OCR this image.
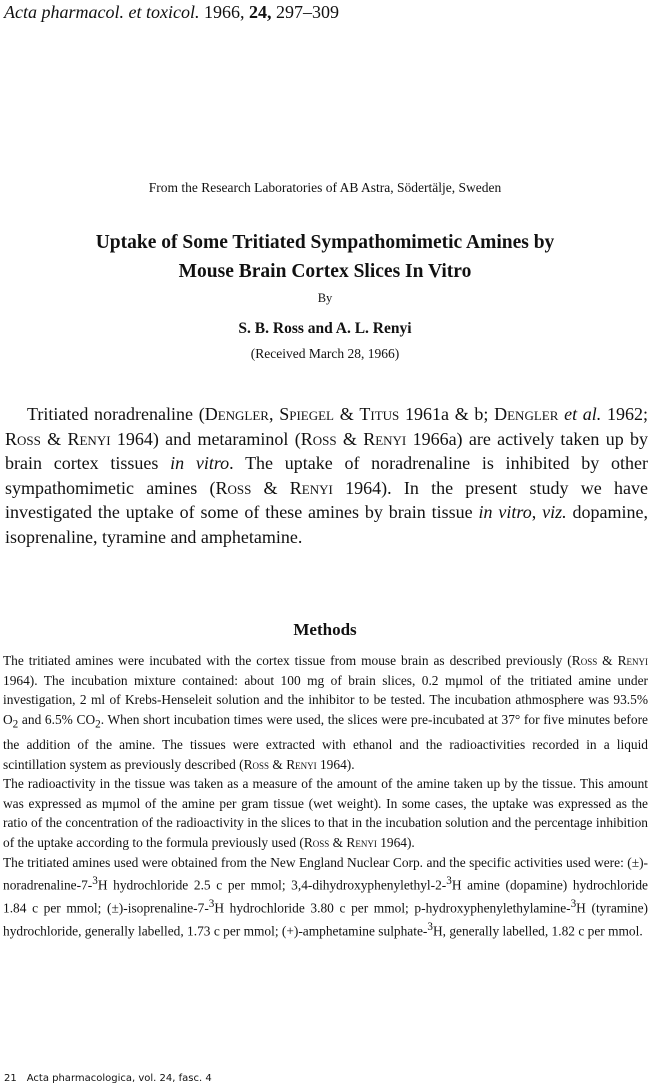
Acta pharmacol. et toxicol. 1966, 24, 297–309
From the Research Laboratories of AB Astra, Södertälje, Sweden
Uptake of Some Tritiated Sympathomimetic Amines by
Mouse Brain Cortex Slices In Vitro
By
S. B. Ross and A. L. Renyi
(Received March 28, 1966)

Tritiated noradrenaline (Dengler, Spiegel & Titus 1961a & b; Dengler et al. 1962; Ross & Renyi 1964) and metaraminol (Ross & Renyi 1966a) are actively taken up by brain cortex tissues in vitro. The uptake of noradrenaline is inhibited by other sympathomimetic amines (Ross & Renyi 1964). In the present study we have investigated the uptake of some of these amines by brain tissue in vitro, viz. dopamine, isoprenaline, tyramine and amphetamine.

Methods

The tritiated amines were incubated with the cortex tissue from mouse brain as described previously (Ross & Renyi 1964). The incubation mixture contained: about 100 mg of brain slices, 0.2 mμmol of the tritiated amine under investigation, 2 ml of Krebs-Henseleit solution and the inhibitor to be tested. The incubation athmosphere was 93.5% $O_2$ and 6.5% $CO_2$. When short incubation times were used, the slices were pre-incubated at 37° for five minutes before the addition of the amine. The tissues were extracted with ethanol and the radioactivities recorded in a liquid scintillation system as previously described (Ross & Renyi 1964).

The radioactivity in the tissue was taken as a measure of the amount of the amine taken up by the tissue. This amount was expressed as mμmol of the amine per gram tissue (wet weight). In some cases, the uptake was expressed as the ratio of the concentration of the radioactivity in the slices to that in the incubation solution and the percentage inhibition of the uptake according to the formula previously used (Ross & Renyi 1964).

The tritiated amines used were obtained from the New England Nuclear Corp. and the specific activities used were: (±)-noradrenaline-7-$^3$H hydrochloride 2.5 c per mmol; 3,4-dihydroxyphenylethyl-2-$^3$H amine (dopamine) hydrochloride 1.84 c per mmol; (±)-isoprenaline-7-$^3$H hydrochloride 3.80 c per mmol; p-hydroxyphenylethylamine-$^3$H (tyramine) hydrochloride, generally labelled, 1.73 c per mmol; (+)-amphetamine sulphate-$^3$H, generally labelled, 1.82 c per mmol.

21 Acta pharmacologica, vol. 24, fasc. 4
